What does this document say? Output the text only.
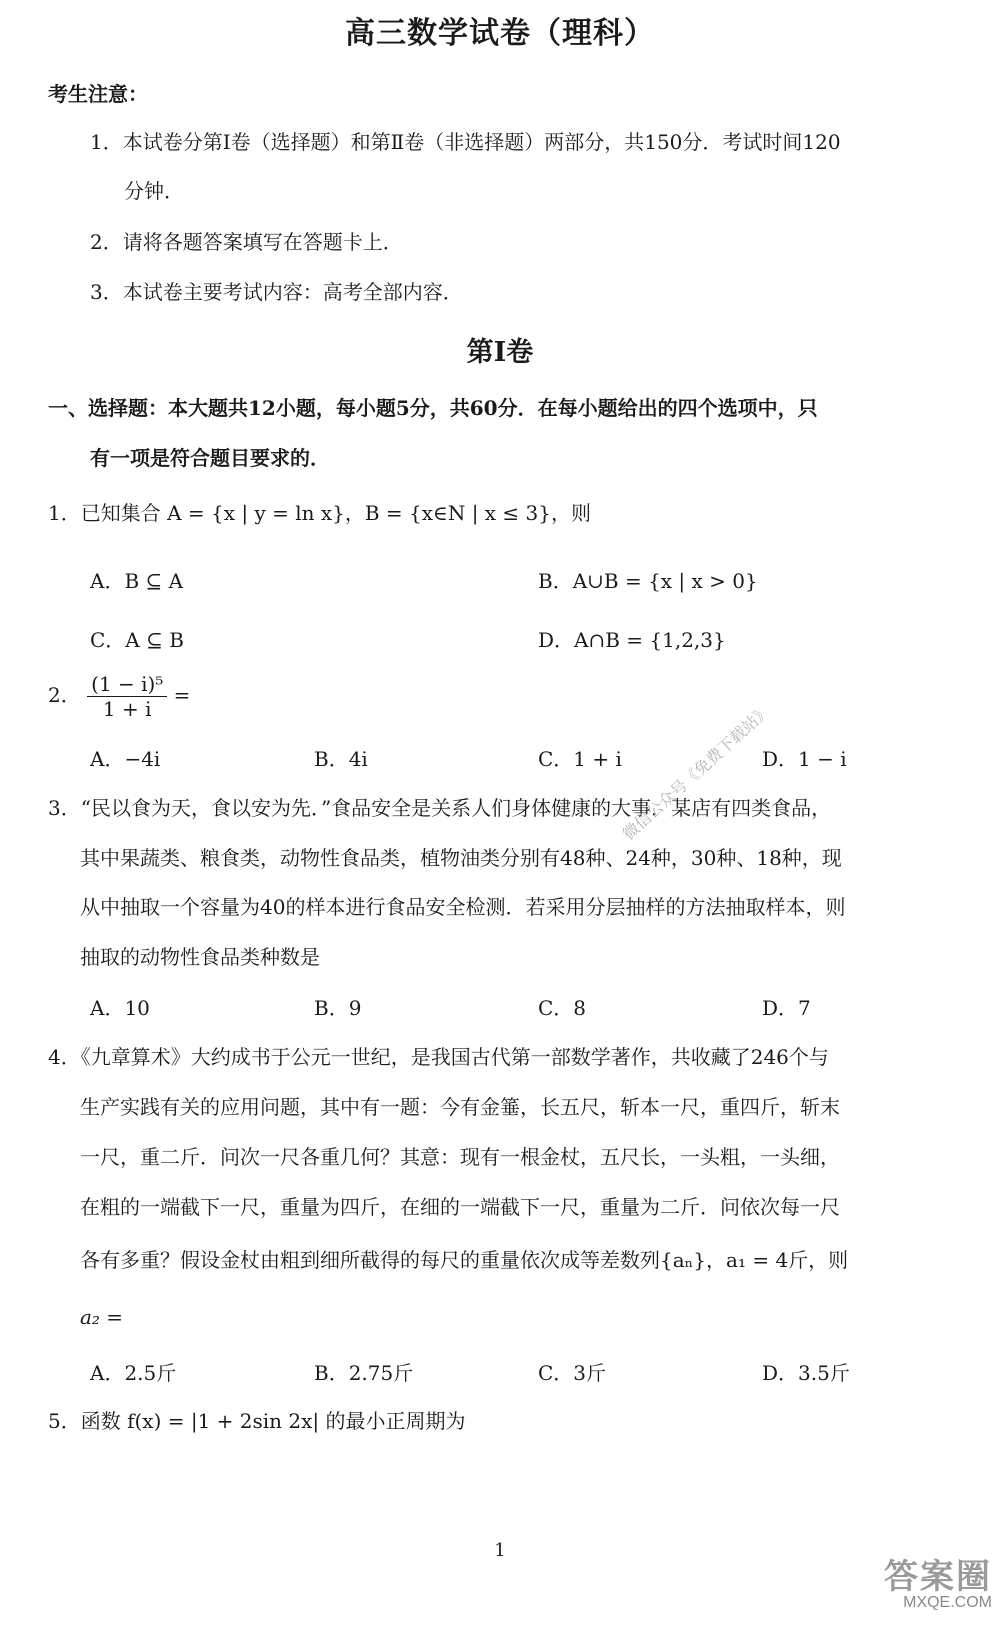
高三数学试卷（理科）
考生注意：
1．本试卷分第Ⅰ卷（选择题）和第Ⅱ卷（非选择题）两部分，共150分．考试时间120
分钟．
2．请将各题答案填写在答题卡上．
3．本试卷主要考试内容：高考全部内容．
第Ⅰ卷
一、选择题：本大题共12小题，每小题5分，共60分．在每小题给出的四个选项中，只
有一项是符合题目要求的．
1．已知集合 A = {x | y = ln x}，B = {x∈N | x ≤ 3}，则
A．B ⊆ A	B．A∪B = {x | x > 0}
C．A ⊆ B	D．A∩B = {1,2,3}
2． $\frac{\text{(1 − i)⁵}}{1 + i}$ =
A．−4i	B．4i	C．1 + i	D．1 − i
3．“民以食为天，食以安为先．”食品安全是关系人们身体健康的大事．某店有四类食品，
其中果蔬类、粮食类，动物性食品类，植物油类分别有48种、24种，30种、18种，现
从中抽取一个容量为40的样本进行食品安全检测．若采用分层抽样的方法抽取样本，则
抽取的动物性食品类种数是
A．10	B．9	C．8	D．7
4．《九章算术》大约成书于公元一世纪，是我国古代第一部数学著作，共收藏了246个与
生产实践有关的应用问题，其中有一题：今有金箠，长五尺，斩本一尺，重四斤，斩末
一尺，重二斤．问次一尺各重几何？其意：现有一根金杖，五尺长，一头粗，一头细，
在粗的一端截下一尺，重量为四斤，在细的一端截下一尺，重量为二斤．问依次每一尺
各有多重？假设金杖由粗到细所截得的每尺的重量依次成等差数列{aₙ}，a₁ = 4斤，则
a₂ =
A．2.5斤	B．2.75斤	C．3斤	D．3.5斤
5．函数 f(x) = |1 + 2sin 2x| 的最小正周期为
微信公众号《免费下载站》
1
答案圈
MXQE.COM
